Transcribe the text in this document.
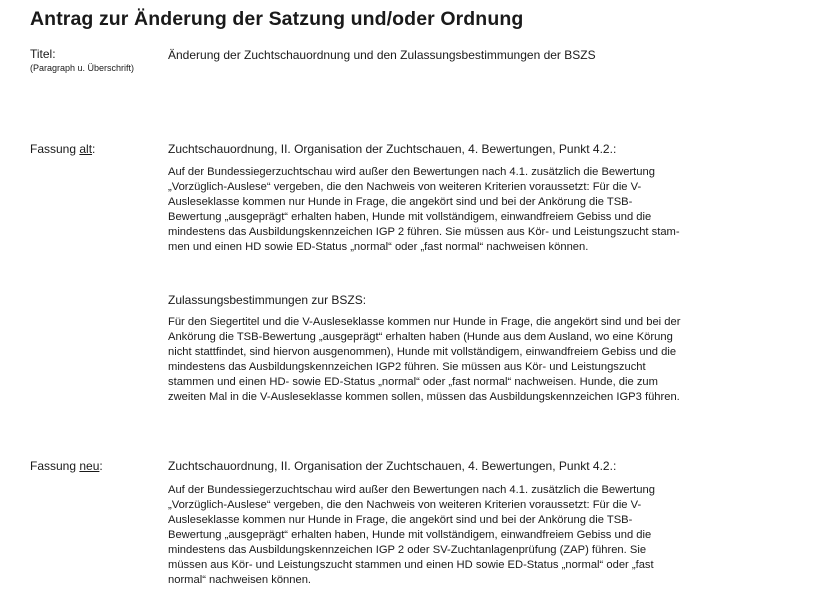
Antrag zur Änderung der Satzung und/oder Ordnung
Titel:
(Paragraph u. Überschrift)
Änderung der Zuchtschauordnung und den Zulassungsbestimmungen der BSZS
Fassung alt:	Zuchtschauordnung, II. Organisation der Zuchtschauen, 4. Bewertungen, Punkt 4.2.:
Auf der Bundessiegerzuchtschau wird außer den Bewertungen nach 4.1. zusätzlich die Bewertung
„Vorzüglich-Auslese“ vergeben, die den Nachweis von weiteren Kriterien voraussetzt: Für die V-
Ausleseklasse kommen nur Hunde in Frage, die angekört sind und bei der Ankörung die TSB-
Bewertung „ausgeprägt“ erhalten haben, Hunde mit vollständigem, einwandfreiem Gebiss und die
mindestens das Ausbildungskennzeichen IGP 2 führen. Sie müssen aus Kör- und Leistungszucht stam-
men und einen HD sowie ED-Status „normal“ oder „fast normal“ nachweisen können.
Zulassungsbestimmungen zur BSZS:
Für den Siegertitel und die V-Ausleseklasse kommen nur Hunde in Frage, die angekört sind und bei der
Ankörung die TSB-Bewertung „ausgeprägt“ erhalten haben (Hunde aus dem Ausland, wo eine Körung
nicht stattfindet, sind hiervon ausgenommen), Hunde mit vollständigem, einwandfreiem Gebiss und die
mindestens das Ausbildungskennzeichen IGP2 führen. Sie müssen aus Kör- und Leistungszucht
stammen und einen HD- sowie ED-Status „normal“ oder „fast normal“ nachweisen. Hunde, die zum
zweiten Mal in die V-Ausleseklasse kommen sollen, müssen das Ausbildungskennzeichen IGP3 führen.
Fassung neu:	Zuchtschauordnung, II. Organisation der Zuchtschauen, 4. Bewertungen, Punkt 4.2.:
Auf der Bundessiegerzuchtschau wird außer den Bewertungen nach 4.1. zusätzlich die Bewertung
„Vorzüglich-Auslese“ vergeben, die den Nachweis von weiteren Kriterien voraussetzt: Für die V-
Ausleseklasse kommen nur Hunde in Frage, die angekört sind und bei der Ankörung die TSB-
Bewertung „ausgeprägt“ erhalten haben, Hunde mit vollständigem, einwandfreiem Gebiss und die
mindestens das Ausbildungskennzeichen IGP 2 oder SV-Zuchtanlagenprüfung (ZAP) führen. Sie
müssen aus Kör- und Leistungszucht stammen und einen HD sowie ED-Status „normal“ oder „fast
normal“ nachweisen können.
